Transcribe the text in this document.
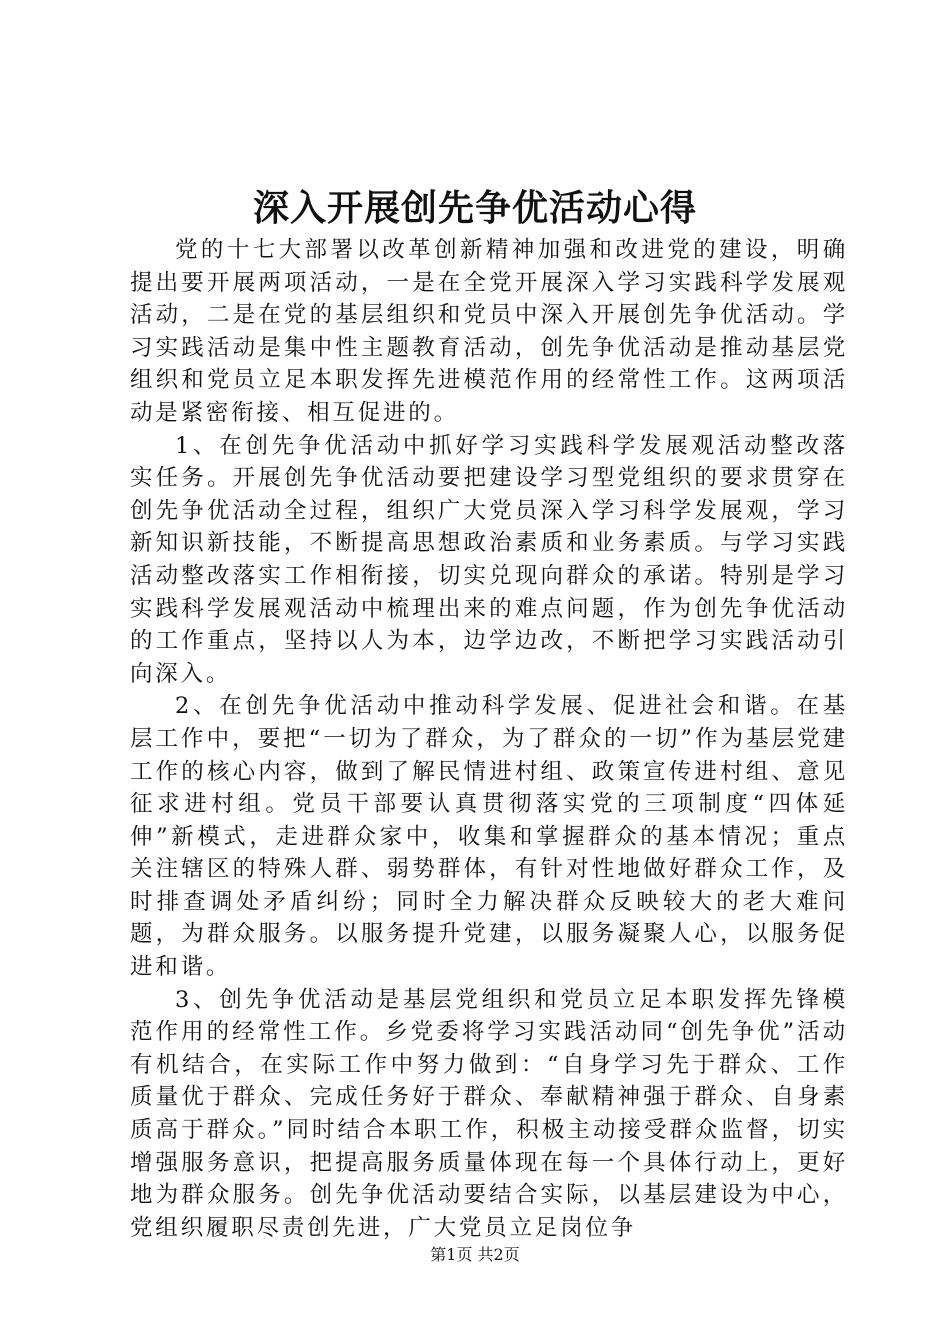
深入开展创先争优活动心得

党的十七大部署以改革创新精神加强和改进党的建设，明确提出要开展两项活动，一是在全党开展深入学习实践科学发展观活动，二是在党的基层组织和党员中深入开展创先争优活动。学习实践活动是集中性主题教育活动，创先争优活动是推动基层党组织和党员立足本职发挥先进模范作用的经常性工作。这两项活动是紧密衔接、相互促进的。

1、在创先争优活动中抓好学习实践科学发展观活动整改落实任务。开展创先争优活动要把建设学习型党组织的要求贯穿在创先争优活动全过程，组织广大党员深入学习科学发展观，学习新知识新技能，不断提高思想政治素质和业务素质。与学习实践活动整改落实工作相衔接，切实兑现向群众的承诺。特别是学习实践科学发展观活动中梳理出来的难点问题，作为创先争优活动的工作重点，坚持以人为本，边学边改，不断把学习实践活动引向深入。

2、在创先争优活动中推动科学发展、促进社会和谐。在基层工作中，要把“一切为了群众，为了群众的一切”作为基层党建工作的核心内容，做到了解民情进村组、政策宣传进村组、意见征求进村组。党员干部要认真贯彻落实党的三项制度“四体延伸”新模式，走进群众家中，收集和掌握群众的基本情况；重点关注辖区的特殊人群、弱势群体，有针对性地做好群众工作，及时排查调处矛盾纠纷；同时全力解决群众反映较大的老大难问题，为群众服务。以服务提升党建，以服务凝聚人心，以服务促进和谐。

3、创先争优活动是基层党组织和党员立足本职发挥先锋模范作用的经常性工作。乡党委将学习实践活动同“创先争优”活动有机结合，在实际工作中努力做到：“自身学习先于群众、工作质量优于群众、完成任务好于群众、奉献精神强于群众、自身素质高于群众。”同时结合本职工作，积极主动接受群众监督，切实增强服务意识，把提高服务质量体现在每一个具体行动上，更好地为群众服务。创先争优活动要结合实际，以基层建设为中心，党组织履职尽责创先进，广大党员立足岗位争

第1页 共2页
